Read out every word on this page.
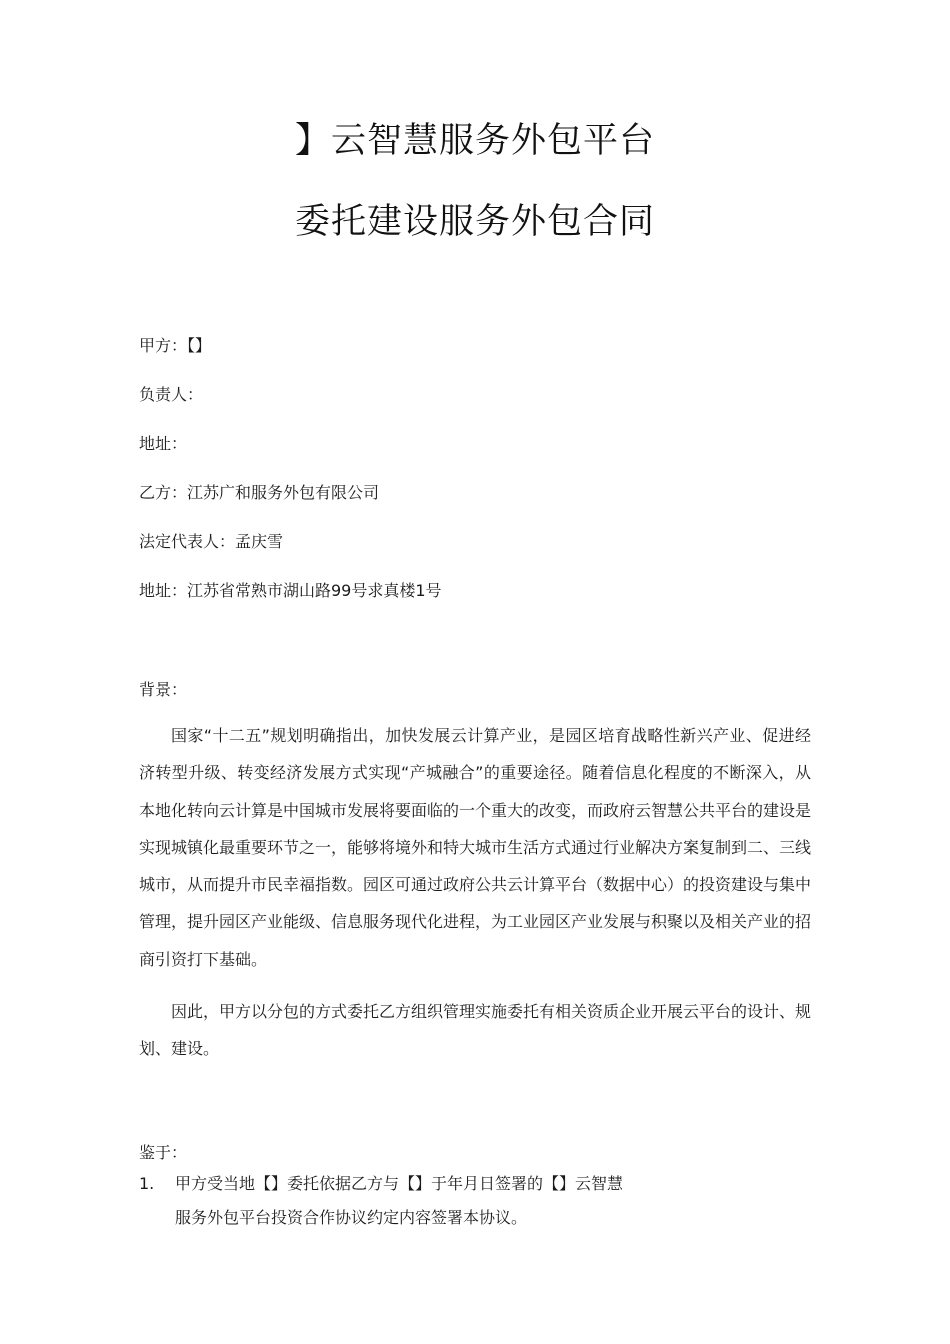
】云智慧服务外包平台
委托建设服务外包合同
甲方：【】
负责人：
地址：
乙方：江苏广和服务外包有限公司
法定代表人：孟庆雪
地址：江苏省常熟市湖山路99号求真楼1号
背景：

国家“十二五”规划明确指出，加快发展云计算产业，是园区培育战略性新兴产业、促进经济转型升级、转变经济发展方式实现“产城融合”的重要途径。随着信息化程度的不断深入，从本地化转向云计算是中国城市发展将要面临的一个重大的改变，而政府云智慧公共平台的建设是实现城镇化最重要环节之一，能够将境外和特大城市生活方式通过行业解决方案复制到二、三线城市，从而提升市民幸福指数。园区可通过政府公共云计算平台（数据中心）的投资建设与集中管理，提升园区产业能级、信息服务现代化进程，为工业园区产业发展与积聚以及相关产业的招商引资打下基础。

因此，甲方以分包的方式委托乙方组织管理实施委托有相关资质企业开展云平台的设计、规划、建设。

鉴于：
1.	甲方受当地【】委托依据乙方与【】于年月日签署的【】云智慧服务外包平台投资合作协议约定内容签署本协议。
